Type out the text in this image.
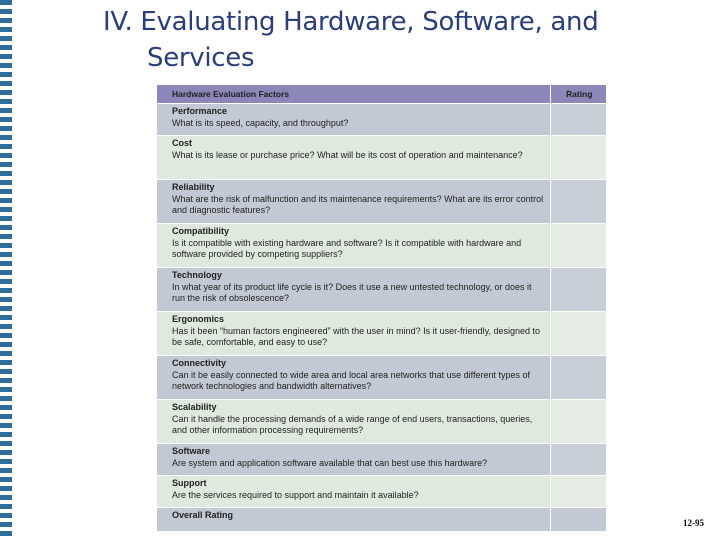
IV. Evaluating Hardware, Software, and
Services
Hardware Evaluation Factors	Rating

Performance
What is its speed, capacity, and throughput?	

Cost
What is its lease or purchase price? What will be its cost of operation and maintenance?	

Reliability
What are the risk of malfunction and its maintenance requirements? What are its error control and diagnostic features?	

Compatibility
Is it compatible with existing hardware and software? Is it compatible with hardware and software provided by competing suppliers?	

Technology
In what year of its product life cycle is it? Does it use a new untested technology, or does it run the risk of obsolescence?	

Ergonomics
Has it been “human factors engineered” with the user in mind? Is it user-friendly, designed to be safe, comfortable, and easy to use?	

Connectivity
Can it be easily connected to wide area and local area networks that use different types of network technologies and bandwidth alternatives?	

Scalability
Can it handle the processing demands of a wide range of end users, transactions, queries, and other information processing requirements?	

Software
Are system and application software available that can best use this hardware?	

Support
Are the services required to support and maintain it available?	

Overall Rating	

12-95
